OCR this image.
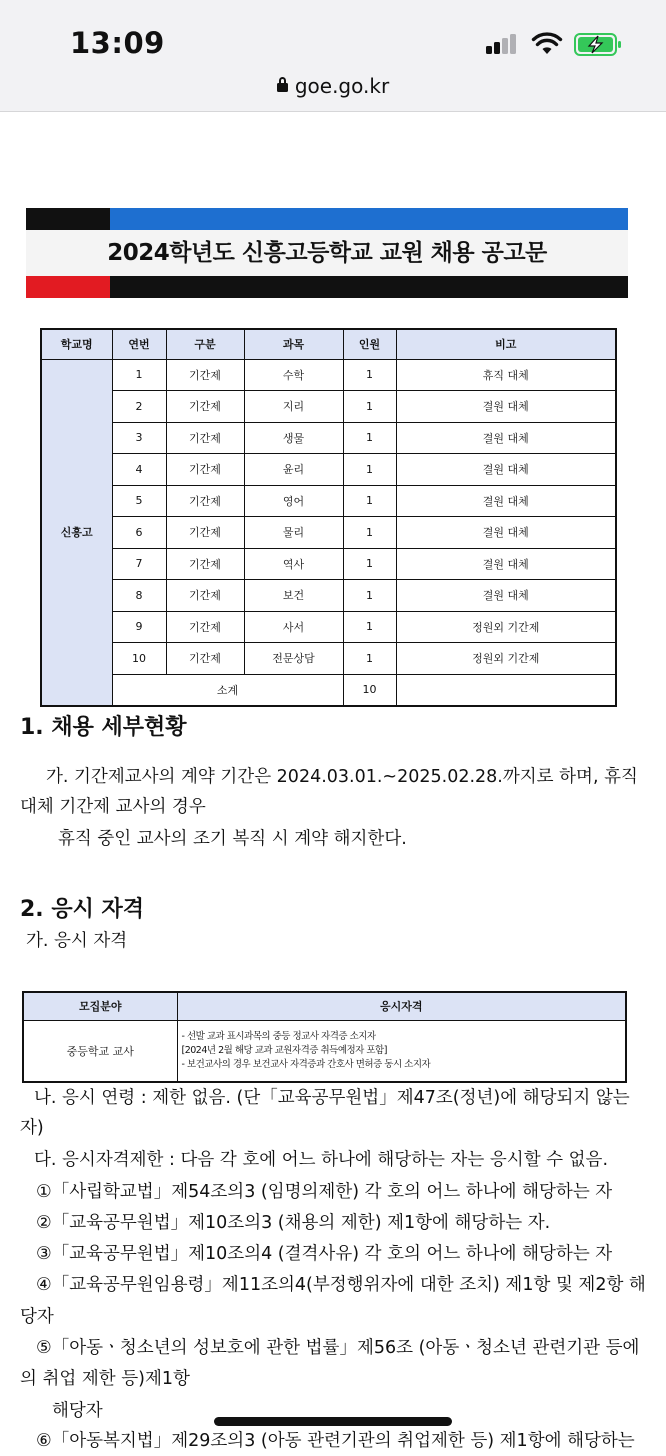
13:09
goe.go.kr
2024학년도 신흥고등학교 교원 채용 공고문
학교명	연번	구분	과목	인원	비고
신흥고	1	기간제	수학	1	휴직 대체
	2	기간제	지리	1	결원 대체
	3	기간제	생물	1	결원 대체
	4	기간제	윤리	1	결원 대체
	5	기간제	영어	1	결원 대체
	6	기간제	물리	1	결원 대체
	7	기간제	역사	1	결원 대체
	8	기간제	보건	1	결원 대체
	9	기간제	사서	1	정원외 기간제
	10	기간제	전문상담	1	정원외 기간제
	소계			10	
1. 채용 세부현황
가. 기간제교사의 계약 기간은 2024.03.01.~2025.02.28.까지로 하며, 휴직
대체 기간제 교사의 경우
휴직 중인 교사의 조기 복직 시 계약 해지한다.
2. 응시 자격
가. 응시 자격
모집분야	응시자격
중등학교 교사	- 선발 교과 표시과목의 중등 정교사 자격증 소지자
[2024년 2월 해당 교과 교원자격증 취득예정자 포함]
- 보건교사의 경우 보건교사 자격증과 간호사 면허증 동시 소지자
나. 응시 연령 : 제한 없음. (단「교육공무원법」제47조(정년)에 해당되지 않는
자)
다. 응시자격제한 : 다음 각 호에 어느 하나에 해당하는 자는 응시할 수 없음.
①「사립학교법」제54조의3 (임명의제한) 각 호의 어느 하나에 해당하는 자
②「교육공무원법」제10조의3 (채용의 제한) 제1항에 해당하는 자.
③「교육공무원법」제10조의4 (결격사유) 각 호의 어느 하나에 해당하는 자
④「교육공무원임용령」제11조의4(부정행위자에 대한 조치) 제1항 및 제2항 해
당자
⑤「아동ㆍ청소년의 성보호에 관한 법률」제56조 (아동ㆍ청소년 관련기관 등에
의 취업 제한 등)제1항
해당자
⑥「아동복지법」제29조의3 (아동 관련기관의 취업제한 등) 제1항에 해당하는
